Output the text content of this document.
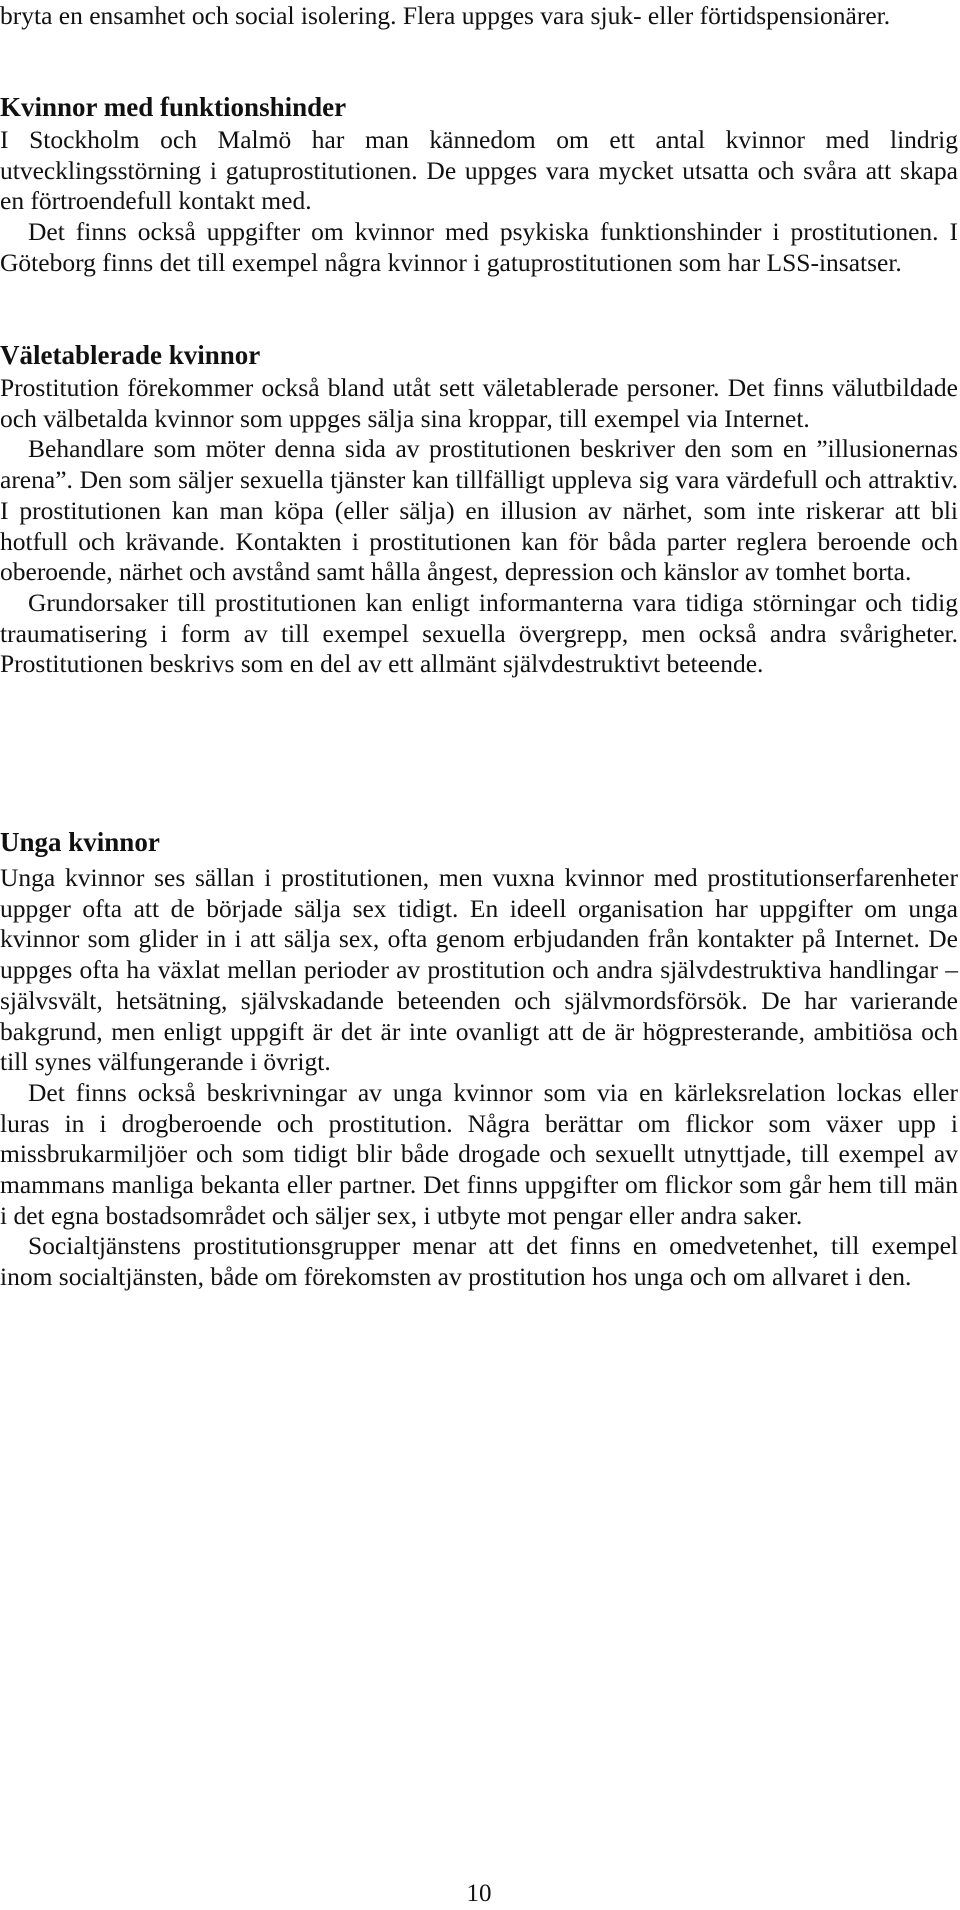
bryta en ensamhet och social isolering. Flera uppges vara sjuk- eller förtidspensionärer.

Kvinnor med funktionshinder

I Stockholm och Malmö har man kännedom om ett antal kvinnor med lindrig utvecklingsstörning i gatuprostitutionen. De uppges vara mycket utsatta och svåra att skapa en förtroendefull kontakt med.

Det finns också uppgifter om kvinnor med psykiska funktionshinder i prostitutionen. I Göteborg finns det till exempel några kvinnor i gatuprostitutionen som har LSS-insatser.

Väletablerade kvinnor

Prostitution förekommer också bland utåt sett väletablerade personer. Det finns välutbildade och välbetalda kvinnor som uppges sälja sina kroppar, till exempel via Internet.

Behandlare som möter denna sida av prostitutionen beskriver den som en ”illusionernas arena”. Den som säljer sexuella tjänster kan tillfälligt uppleva sig vara värdefull och attraktiv. I prostitutionen kan man köpa (eller sälja) en illusion av närhet, som inte riskerar att bli hotfull och krävande. Kontakten i prostitutionen kan för båda parter reglera beroende och oberoende, närhet och avstånd samt hålla ångest, depression och känslor av tomhet borta.

Grundorsaker till prostitutionen kan enligt informanterna vara tidiga störningar och tidig traumatisering i form av till exempel sexuella övergrepp, men också andra svårigheter. Prostitutionen beskrivs som en del av ett allmänt självdestruktivt beteende.

Unga kvinnor

Unga kvinnor ses sällan i prostitutionen, men vuxna kvinnor med prostitutionserfarenheter uppger ofta att de började sälja sex tidigt. En ideell organisation har uppgifter om unga kvinnor som glider in i att sälja sex, ofta genom erbjudanden från kontakter på Internet. De uppges ofta ha växlat mellan perioder av prostitution och andra självdestruktiva handlingar – självsvält, hetsätning, självskadande beteenden och självmordsförsök. De har varierande bakgrund, men enligt uppgift är det är inte ovanligt att de är högpresterande, ambitiösa och till synes välfungerande i övrigt.

Det finns också beskrivningar av unga kvinnor som via en kärleksrelation lockas eller luras in i drogberoende och prostitution. Några berättar om flickor som växer upp i missbrukarmiljöer och som tidigt blir både drogade och sexuellt utnyttjade, till exempel av mammans manliga bekanta eller partner. Det finns uppgifter om flickor som går hem till män i det egna bostadsområdet och säljer sex, i utbyte mot pengar eller andra saker.

Socialtjänstens prostitutionsgrupper menar att det finns en omedvetenhet, till exempel inom socialtjänsten, både om förekomsten av prostitution hos unga och om allvaret i den.

10
